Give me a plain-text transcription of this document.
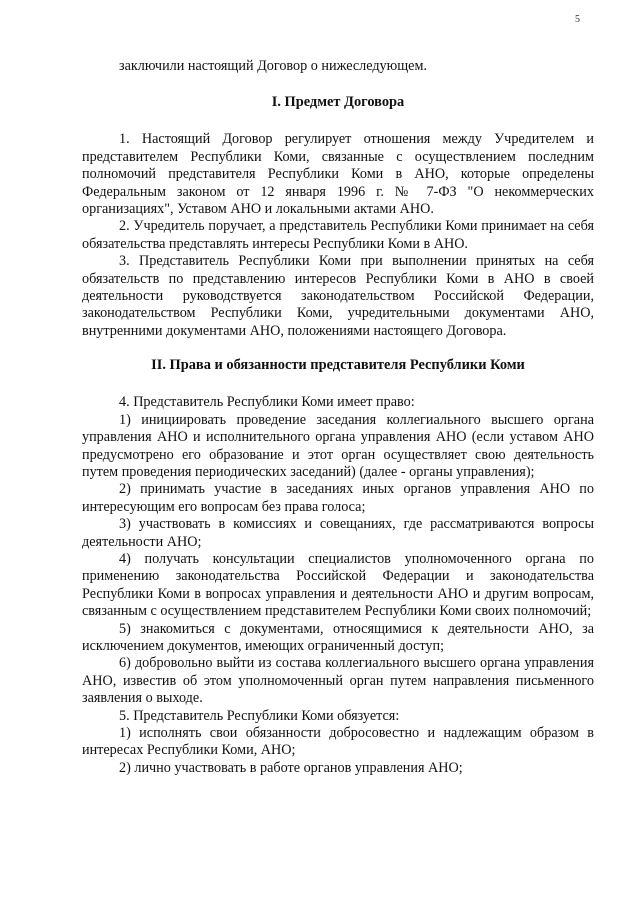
5

заключили настоящий Договор о нижеследующем.

I. Предмет Договора

1. Настоящий Договор регулирует отношения между Учредителем и представителем Республики Коми, связанные с осуществлением последним полномочий представителя Республики Коми в АНО, которые определены Федеральным законом от 12 января 1996 г. № 7-ФЗ "О некоммерческих организациях", Уставом АНО и локальными актами АНО.

2. Учредитель поручает, а представитель Республики Коми принимает на себя обязательства представлять интересы Республики Коми в АНО.

3. Представитель Республики Коми при выполнении принятых на себя обязательств по представлению интересов Республики Коми в АНО в своей деятельности руководствуется законодательством Российской Федерации, законодательством Республики Коми, учредительными документами АНО, внутренними документами АНО, положениями настоящего Договора.

II. Права и обязанности представителя Республики Коми

4. Представитель Республики Коми имеет право:

1) инициировать проведение заседания коллегиального высшего органа управления АНО и исполнительного органа управления АНО (если уставом АНО предусмотрено его образование и этот орган осуществляет свою деятельность путем проведения периодических заседаний) (далее - органы управления);

2) принимать участие в заседаниях иных органов управления АНО по интересующим его вопросам без права голоса;

3) участвовать в комиссиях и совещаниях, где рассматриваются вопросы деятельности АНО;

4) получать консультации специалистов уполномоченного органа по применению законодательства Российской Федерации и законодательства Республики Коми в вопросах управления и деятельности АНО и другим вопросам, связанным с осуществлением представителем Республики Коми своих полномочий;

5) знакомиться с документами, относящимися к деятельности АНО, за исключением документов, имеющих ограниченный доступ;

6) добровольно выйти из состава коллегиального высшего органа управления АНО, известив об этом уполномоченный орган путем направления письменного заявления о выходе.

5. Представитель Республики Коми обязуется:

1) исполнять свои обязанности добросовестно и надлежащим образом в интересах Республики Коми, АНО;

2) лично участвовать в работе органов управления АНО;
